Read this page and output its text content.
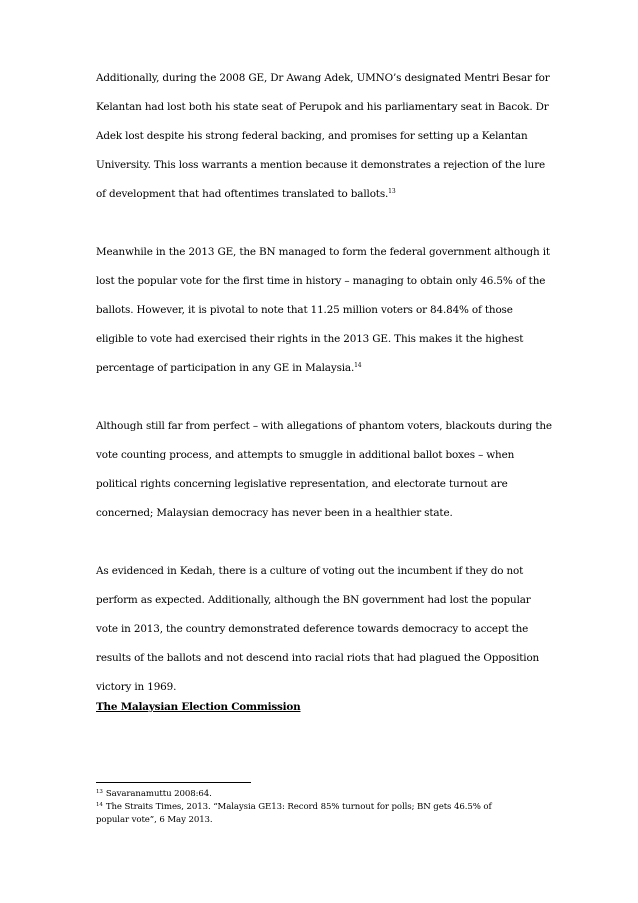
Additionally, during the 2008 GE, Dr Awang Adek, UMNO’s designated Mentri Besar for
Kelantan had lost both his state seat of Perupok and his parliamentary seat in Bacok. Dr
Adek lost despite his strong federal backing, and promises for setting up a Kelantan
University. This loss warrants a mention because it demonstrates a rejection of the lure
of development that had oftentimes translated to ballots.$^{13}$

Meanwhile in the 2013 GE, the BN managed to form the federal government although it
lost the popular vote for the first time in history – managing to obtain only 46.5% of the
ballots. However, it is pivotal to note that 11.25 million voters or 84.84% of those
eligible to vote had exercised their rights in the 2013 GE. This makes it the highest
percentage of participation in any GE in Malaysia.$^{14}$

Although still far from perfect – with allegations of phantom voters, blackouts during the
vote counting process, and attempts to smuggle in additional ballot boxes – when
political rights concerning legislative representation, and electorate turnout are
concerned; Malaysian democracy has never been in a healthier state.

As evidenced in Kedah, there is a culture of voting out the incumbent if they do not
perform as expected. Additionally, although the BN government had lost the popular
vote in 2013, the country demonstrated deference towards democracy to accept the
results of the ballots and not descend into racial riots that had plagued the Opposition
victory in 1969.

The Malaysian Election Commission

$^{13}$ Savaranamuttu 2008:64.

$^{14}$ The Straits Times, 2013. “Malaysia GE13: Record 85% turnout for polls; BN gets 46.5% of
popular vote”, 6 May 2013.
